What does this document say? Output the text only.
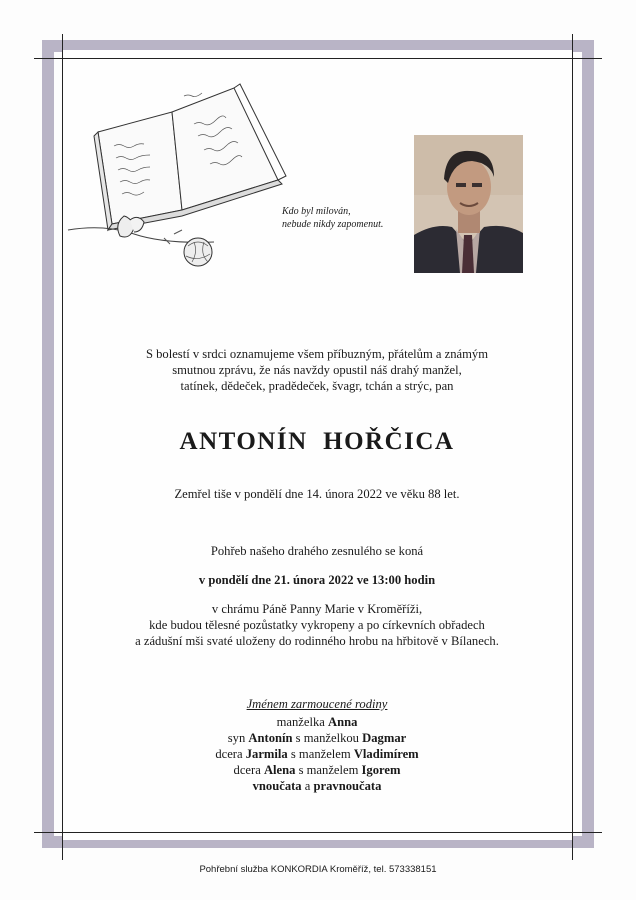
Kdo byl milován,
nebude nikdy zapomenut.
S bolestí v srdci oznamujeme všem příbuzným, přátelům a známým
smutnou zprávu, že nás navždy opustil náš drahý manžel,
tatínek, dědeček, pradědeček, švagr, tchán a strýc, pan
ANTONÍN  HOŘČICA
Zemřel tiše v pondělí dne 14. února 2022 ve věku 88 let.
Pohřeb našeho drahého zesnulého se koná
v pondělí dne 21. února 2022 ve 13:00 hodin
v chrámu Páně Panny Marie v Kroměříži,
kde budou tělesné pozůstatky vykropeny a po církevních obřadech
a zádušní mši svaté uloženy do rodinného hrobu na hřbitově v Bílanech.
Jménem zarmoucené rodiny
manželka Anna
syn Antonín s manželkou Dagmar
dcera Jarmila s manželem Vladimírem
dcera Alena s manželem Igorem
vnoučata a pravnoučata
Pohřební služba KONKORDIA Kroměříž, tel. 573338151
